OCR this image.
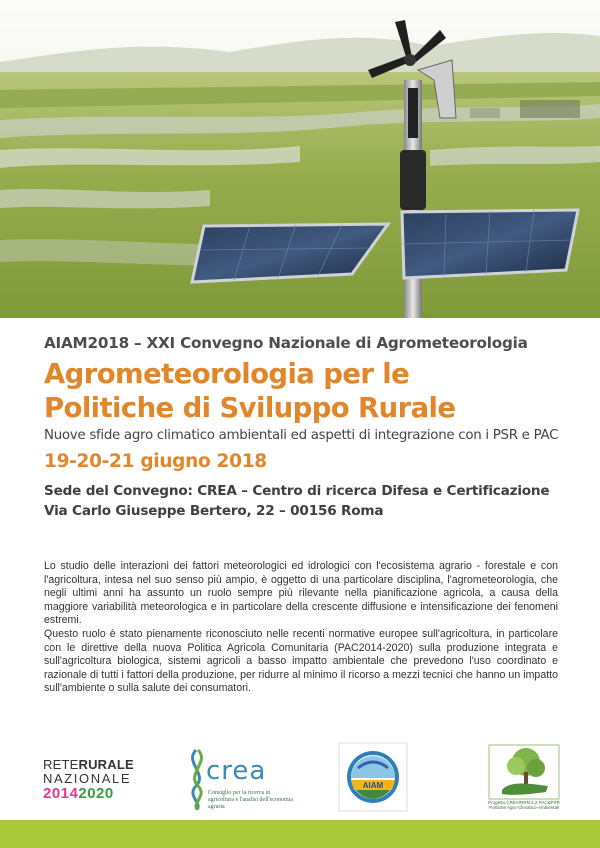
AIAM2018 – XXI Convegno Nazionale di Agrometeorologia
Agrometeorologia per le
Politiche di Sviluppo Rurale
Nuove sfide agro climatico ambientali ed aspetti di integrazione con i PSR e PAC
19-20-21 giugno 2018
Sede del Convegno: CREA – Centro di ricerca Difesa e Certificazione
Via Carlo Giuseppe Bertero, 22 – 00156 Roma

Lo studio delle interazioni dei fattori meteorologici ed idrologici con l'ecosistema agrario - forestale e con l'agricoltura, intesa nel suo senso più ampio, è oggetto di una particolare disciplina, l'agrometeorologia, che negli ultimi anni ha assunto un ruolo sempre più rilevante nella pianificazione agricola, a causa della maggiore variabilità meteorologica e in particolare della crescente diffusione e intensificazione dei fenomeni estremi.

Questo ruolo è stato pienamente riconosciuto nelle recenti normative europee sull'agricoltura, in particolare con le direttive della nuova Politica Agricola Comunitaria (PAC2014-2020) sulla produzione integrata e sull'agricoltura biologica, sistemi agricoli a basso impatto ambientale che prevedono l'uso coordinato e razionale di tutti i fattori della produzione, per ridurre al minimo il ricorso a mezzi tecnici che hanno un impatto sull'ambiente o sulla salute dei consumatori.

RETERURALE
NAZIONALE
20142020
crea
Consiglio per la ricerca in agricoltura e l'analisi dell'economia agraria
AIAM
Progetto CREA/RRN 5.2 PAC&PSR Politiche Agro-Climatico-Ambientali
